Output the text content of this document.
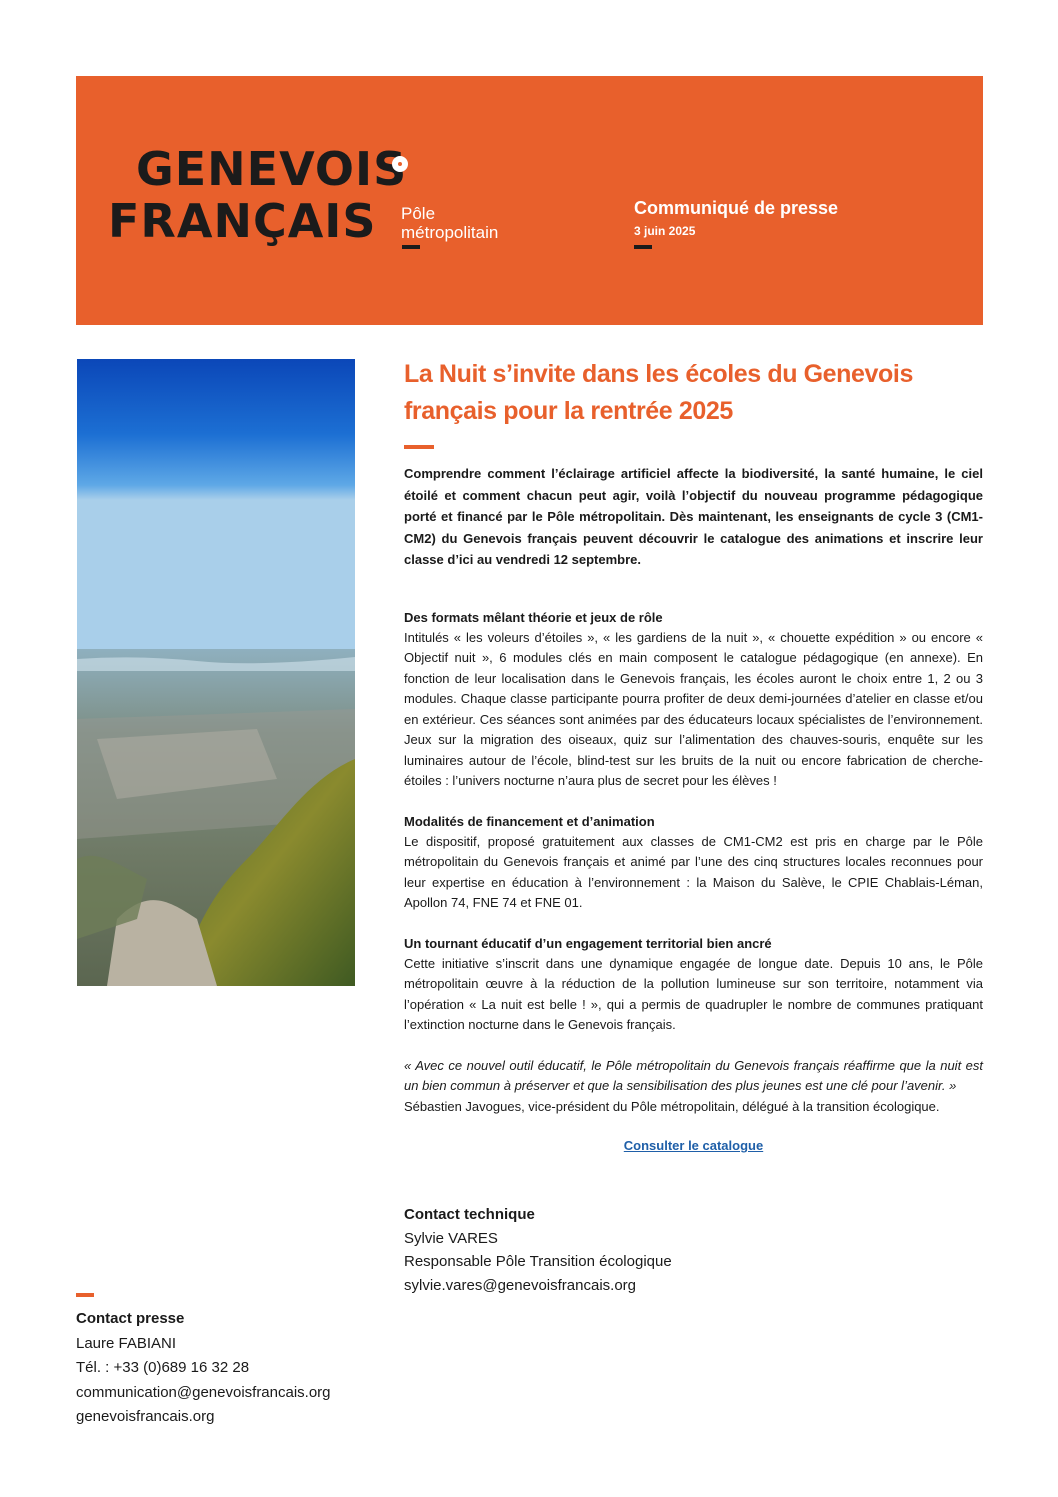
GENEVOIS
FRANÇAIS Pôle
métropolitain
Communiqué de presse
3 juin 2025
La Nuit s’invite dans les écoles du Genevois français pour la rentrée 2025

Comprendre comment l’éclairage artificiel affecte la biodiversité, la santé humaine, le ciel étoilé et comment chacun peut agir, voilà l’objectif du nouveau programme pédagogique porté et financé par le Pôle métropolitain. Dès maintenant, les enseignants de cycle 3 (CM1-CM2) du Genevois français peuvent découvrir le catalogue des animations et inscrire leur classe d’ici au vendredi 12 septembre.

Des formats mêlant théorie et jeux de rôle

Intitulés « les voleurs d’étoiles », « les gardiens de la nuit », « chouette expédition » ou encore « Objectif nuit », 6 modules clés en main composent le catalogue pédagogique (en annexe). En fonction de leur localisation dans le Genevois français, les écoles auront le choix entre 1, 2 ou 3 modules. Chaque classe participante pourra profiter de deux demi-journées d’atelier en classe et/ou en extérieur. Ces séances sont animées par des éducateurs locaux spécialistes de l’environnement. Jeux sur la migration des oiseaux, quiz sur l’alimentation des chauves-souris, enquête sur les luminaires autour de l’école, blind-test sur les bruits de la nuit ou encore fabrication de cherche-étoiles : l’univers nocturne n’aura plus de secret pour les élèves !

Modalités de financement et d’animation

Le dispositif, proposé gratuitement aux classes de CM1-CM2 est pris en charge par le Pôle métropolitain du Genevois français et animé par l’une des cinq structures locales reconnues pour leur expertise en éducation à l’environnement : la Maison du Salève, le CPIE Chablais-Léman, Apollon 74, FNE 74 et FNE 01.

Un tournant éducatif d’un engagement territorial bien ancré

Cette initiative s’inscrit dans une dynamique engagée de longue date. Depuis 10 ans, le Pôle métropolitain œuvre à la réduction de la pollution lumineuse sur son territoire, notamment via l’opération « La nuit est belle ! », qui a permis de quadrupler le nombre de communes pratiquant l’extinction nocturne dans le Genevois français.

« Avec ce nouvel outil éducatif, le Pôle métropolitain du Genevois français réaffirme que la nuit est un bien commun à préserver et que la sensibilisation des plus jeunes est une clé pour l’avenir. »
Sébastien Javogues, vice-président du Pôle métropolitain, délégué à la transition écologique.
Consulter le catalogue
Contact technique
Sylvie VARES
Responsable Pôle Transition écologique
sylvie.vares@genevoisfrancais.org
Contact presse
Laure FABIANI
Tél. : +33 (0)689 16 32 28
communication@genevoisfrancais.org
genevoisfrancais.org
